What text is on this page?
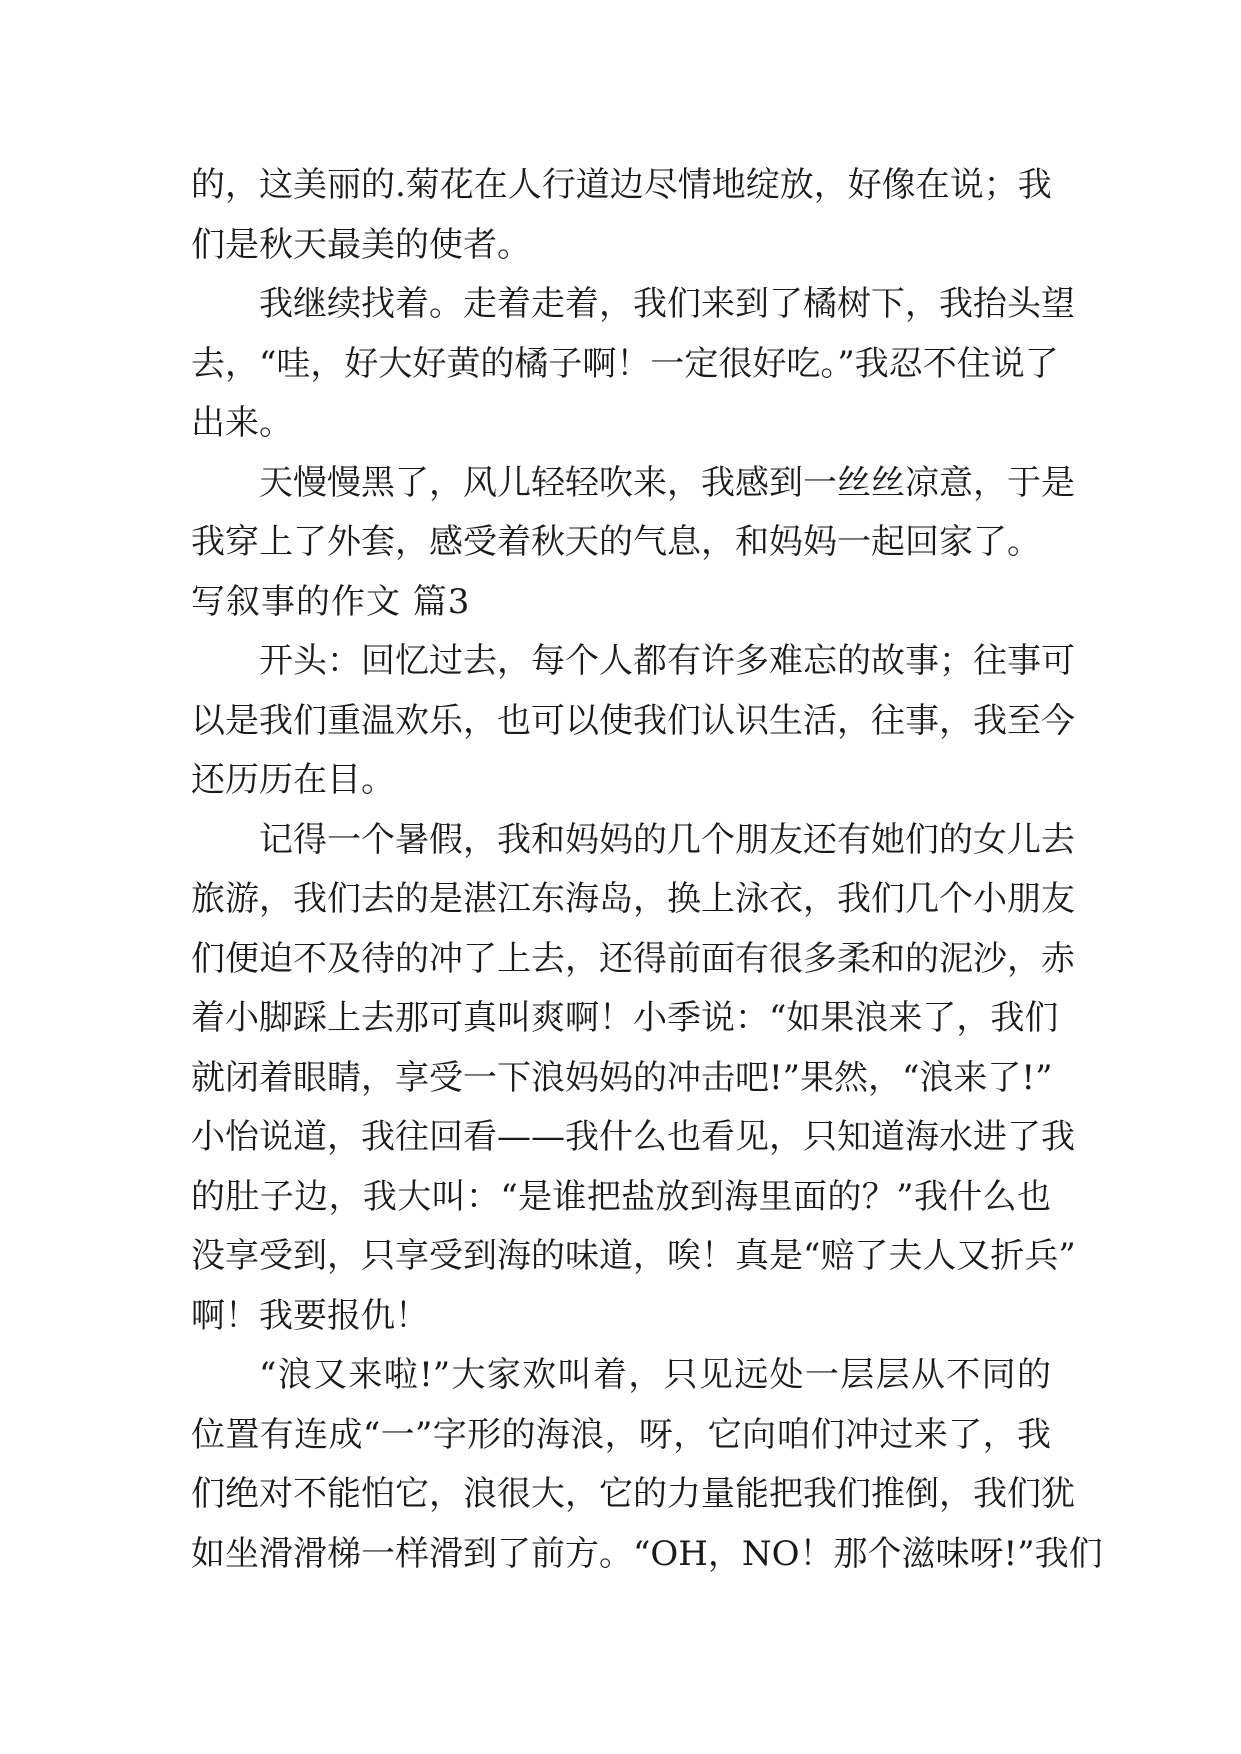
的，这美丽的.菊花在人行道边尽情地绽放，好像在说；我
们是秋天最美的使者。
我继续找着。走着走着，我们来到了橘树下，我抬头望
去，“哇，好大好黄的橘子啊！一定很好吃。”我忍不住说了
出来。
天慢慢黑了，风儿轻轻吹来，我感到一丝丝凉意，于是
我穿上了外套，感受着秋天的气息，和妈妈一起回家了。
写叙事的作文 篇3
开头：回忆过去，每个人都有许多难忘的故事；往事可
以是我们重温欢乐，也可以使我们认识生活，往事，我至今
还历历在目。
记得一个暑假，我和妈妈的几个朋友还有她们的女儿去
旅游，我们去的是湛江东海岛，换上泳衣，我们几个小朋友
们便迫不及待的冲了上去，还得前面有很多柔和的泥沙，赤
着小脚踩上去那可真叫爽啊！小季说：“如果浪来了，我们
就闭着眼睛，享受一下浪妈妈的冲击吧!”果然，“浪来了!”
小怡说道，我往回看——我什么也看见，只知道海水进了我
的肚子边，我大叫：“是谁把盐放到海里面的？”我什么也
没享受到，只享受到海的味道，唉！真是“赔了夫人又折兵”
啊！我要报仇！
“浪又来啦!”大家欢叫着，只见远处一层层从不同的
位置有连成“一”字形的海浪，呀，它向咱们冲过来了，我
们绝对不能怕它，浪很大，它的力量能把我们推倒，我们犹
如坐滑滑梯一样滑到了前方。“OH，NO！那个滋味呀!”我们
